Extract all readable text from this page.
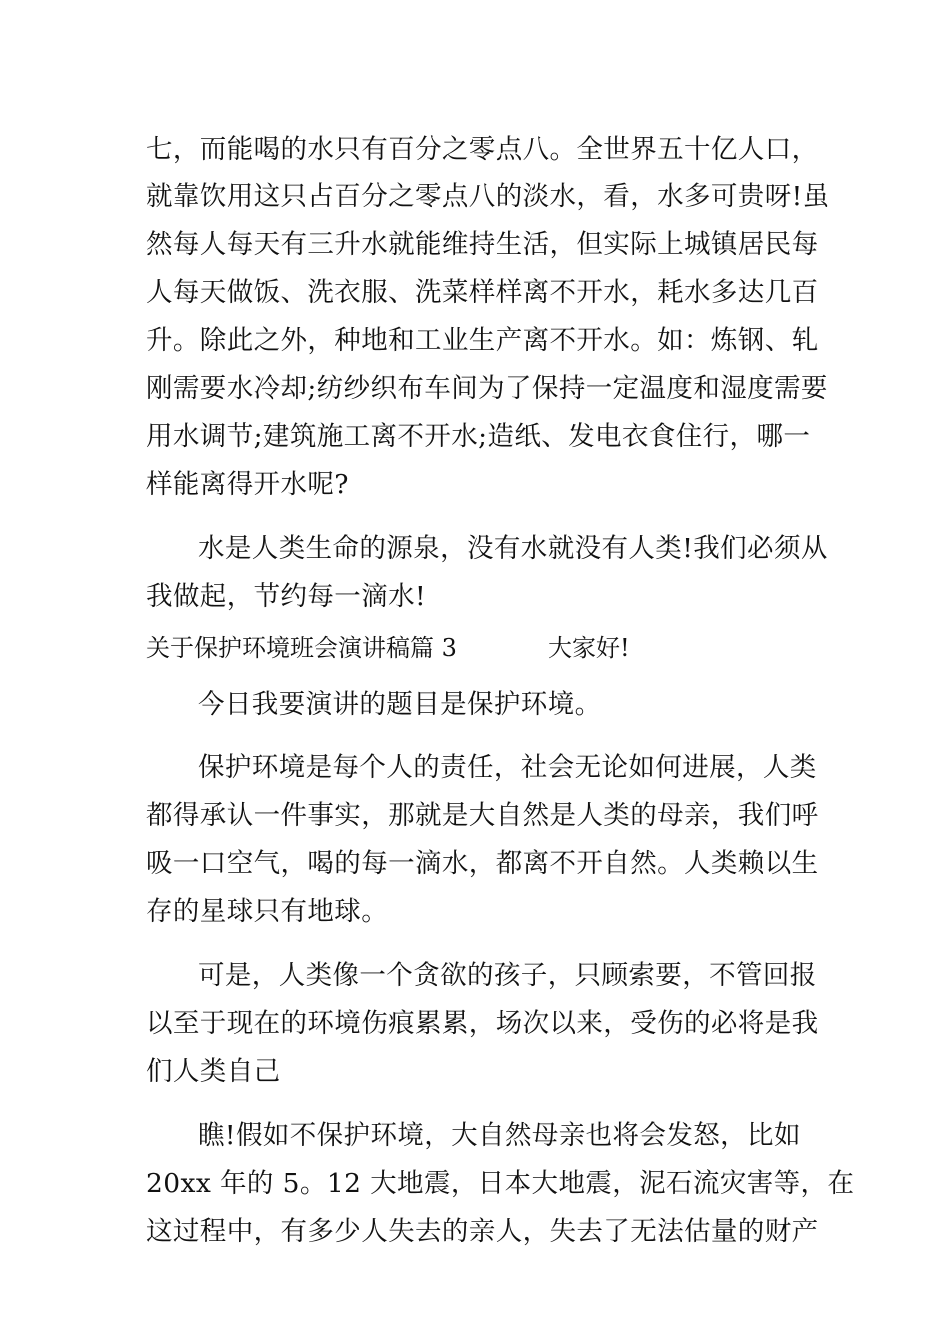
七，而能喝的水只有百分之零点八。全世界五十亿人口，
就靠饮用这只占百分之零点八的淡水，看，水多可贵呀!虽
然每人每天有三升水就能维持生活，但实际上城镇居民每
人每天做饭、洗衣服、洗菜样样离不开水，耗水多达几百
升。除此之外，种地和工业生产离不开水。如：炼钢、轧
刚需要水冷却;纺纱织布车间为了保持一定温度和湿度需要
用水调节;建筑施工离不开水;造纸、发电衣食住行，哪一
样能离得开水呢?
水是人类生命的源泉，没有水就没有人类!我们必须从
我做起，节约每一滴水!
关于保护环境班会演讲稿篇 3	大家好!
今日我要演讲的题目是保护环境。
保护环境是每个人的责任，社会无论如何进展，人类
都得承认一件事实，那就是大自然是人类的母亲，我们呼
吸一口空气，喝的每一滴水，都离不开自然。人类赖以生
存的星球只有地球。
可是，人类像一个贪欲的孩子，只顾索要，不管回报
以至于现在的环境伤痕累累，场次以来，受伤的必将是我
们人类自己
瞧!假如不保护环境，大自然母亲也将会发怒，比如
20xx 年的 5。12 大地震，日本大地震，泥石流灾害等，在
这过程中，有多少人失去的亲人，失去了无法估量的财产
